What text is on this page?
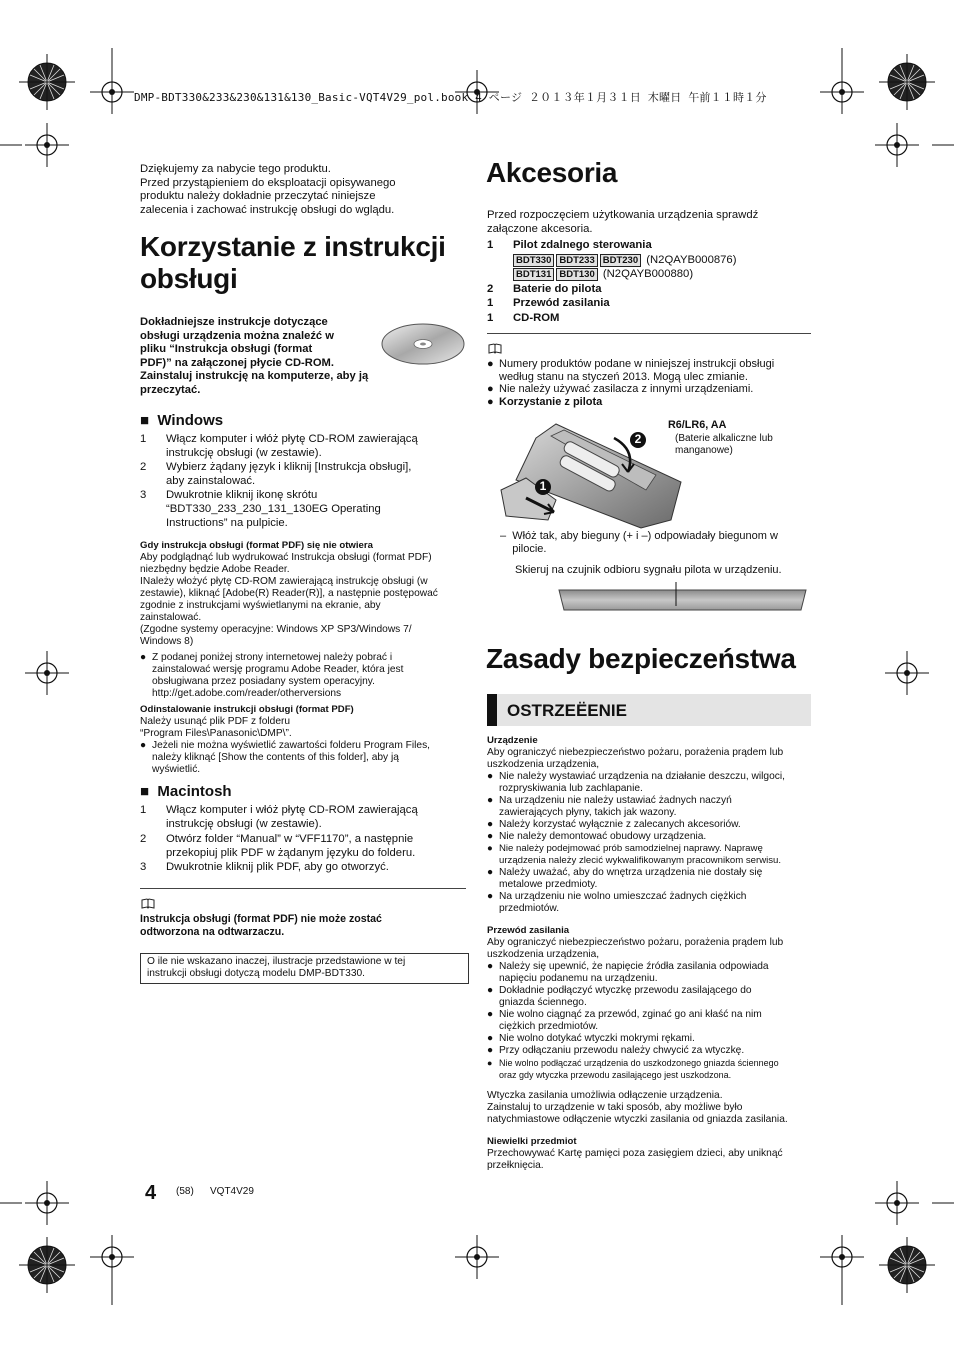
DMP-BDT330&233&230&131&130_Basic-VQT4V29_pol.book 4 ページ ２０１３年１月３１日 木曜日 午前１１時１分

Dziękujemy za nabycie tego produktu.

Przed przystąpieniem do eksploatacji opisywanego

produktu należy dokładnie przeczytać niniejsze

zalecenia i zachować instrukcję obsługi do wglądu.

Korzystanie z instrukcji

obsługi

Dokładniejsze instrukcje dotyczące

obsługi urządzenia można znaleźć w

pliku “Instrukcja obsługi (format

PDF)” na załączonej płycie CD-ROM.

Zainstaluj instrukcję na komputerze, aby ją

przeczytać.

■ Windows
1	Włącz komputer i włóż płytę CD-ROM zawierającą

instrukcję obsługi (w zestawie).

2	Wybierz żądany język i kliknij [Instrukcja obsługi],

aby zainstalować.

3	Dwukrotnie kliknij ikonę skrótu

“BDT330_233_230_131_130EG Operating

Instructions” na pulpicie.

Gdy instrukcja obsługi (format PDF) się nie otwiera

Aby podglądnąć lub wydrukować Instrukcja obsługi (format PDF)

niezbędny będzie Adobe Reader.

INależy włożyć płytę CD-ROM zawierającą instrukcję obsługi (w

zestawie), kliknąć [Adobe(R) Reader(R)], a następnie postępować

zgodnie z instrukcjami wyświetlanymi na ekranie, aby

zainstalować.

(Zgodne systemy operacyjne: Windows XP SP3/Windows 7/

Windows 8)

● Z podanej poniżej strony internetowej należy pobrać i

zainstalować wersję programu Adobe Reader, która jest

obsługiwana przez posiadany system operacyjny.

http://get.adobe.com/reader/otherversions

Odinstalowanie instrukcji obsługi (format PDF)

Należy usunąć plik PDF z folderu

“Program Files\Panasonic\DMP\”.

● Jeżeli nie można wyświetlić zawartości folderu Program Files,

należy kliknąć [Show the contents of this folder], aby ją

wyświetlić.

■ Macintosh
1	Włącz komputer i włóż płytę CD-ROM zawierającą

instrukcję obsługi (w zestawie).

2	Otwórz folder “Manual” w “VFF1170”, a następnie

przekopiuj plik PDF w żądanym języku do folderu.

3	Dwukrotnie kliknij plik PDF, aby go otworzyć.

Instrukcja obsługi (format PDF) nie może zostać

odtworzona na odtwarzaczu.

O ile nie wskazano inaczej, ilustracje przedstawione w tej

instrukcji obsługi dotyczą modelu DMP-BDT330.

Akcesoria

Przed rozpoczęciem użytkowania urządzenia sprawdź

załączone akcesoria.

1	Pilot zdalnego sterowania
BDT330 BDT233 BDT230 (N2QAYB000876)
BDT131 BDT130 (N2QAYB000880)
2	Baterie do pilota
1	Przewód zasilania
1	CD-ROM
● Numery produktów podane w niniejszej instrukcji obsługi

według stanu na styczeń 2013. Mogą ulec zmianie.

● Nie należy używać zasilacza z innymi urządzeniami.

● Korzystanie z pilota

2
1
R6/LR6, AA

(Baterie alkaliczne lub

manganowe)

–  Włóż tak, aby bieguny (+ i –) odpowiadały biegunom w

pilocie.

Skieruj na czujnik odbioru sygnału pilota w urządzeniu.
Zasady bezpieczeństwa
OSTRZEËENIE

Urządzenie

Aby ograniczyć niebezpieczeństwo pożaru, porażenia prądem lub

uszkodzenia urządzenia,

● Nie należy wystawiać urządzenia na działanie deszczu, wilgoci,

rozpryskiwania lub zachlapanie.

● Na urządzeniu nie należy ustawiać żadnych naczyń

zawierających płyny, takich jak wazony.

● Należy korzystać wyłącznie z zalecanych akcesoriów.

● Nie należy demontować obudowy urządzenia.

● Nie należy podejmować prób samodzielnej naprawy. Naprawę

urządzenia należy zlecić wykwalifikowanym pracownikom serwisu.

● Należy uważać, aby do wnętrza urządzenia nie dostały się

metalowe przedmioty.

● Na urządzeniu nie wolno umieszczać żadnych ciężkich

przedmiotów.

Przewód zasilania

Aby ograniczyć niebezpieczeństwo pożaru, porażenia prądem lub

uszkodzenia urządzenia,

● Należy się upewnić, że napięcie źródła zasilania odpowiada

napięciu podanemu na urządzeniu.

● Dokładnie podłączyć wtyczkę przewodu zasilającego do

gniazda ściennego.

● Nie wolno ciągnąć za przewód, zginać go ani kłaść na nim

ciężkich przedmiotów.

● Nie wolno dotykać wtyczki mokrymi rękami.

● Przy odłączaniu przewodu należy chwycić za wtyczkę.

● Nie wolno podłączać urządzenia do uszkodzonego gniazda ściennego

oraz gdy wtyczka przewodu zasilającego jest uszkodzona.

Wtyczka zasilania umożliwia odłączenie urządzenia.

Zainstaluj to urządzenie w taki sposób, aby możliwe było

natychmiastowe odłączenie wtyczki zasilania od gniazda zasilania.

Niewielki przedmiot

Przechowywać Kartę pamięci poza zasięgiem dzieci, aby uniknąć

przełknięcia.

4 (58) VQT4V29
